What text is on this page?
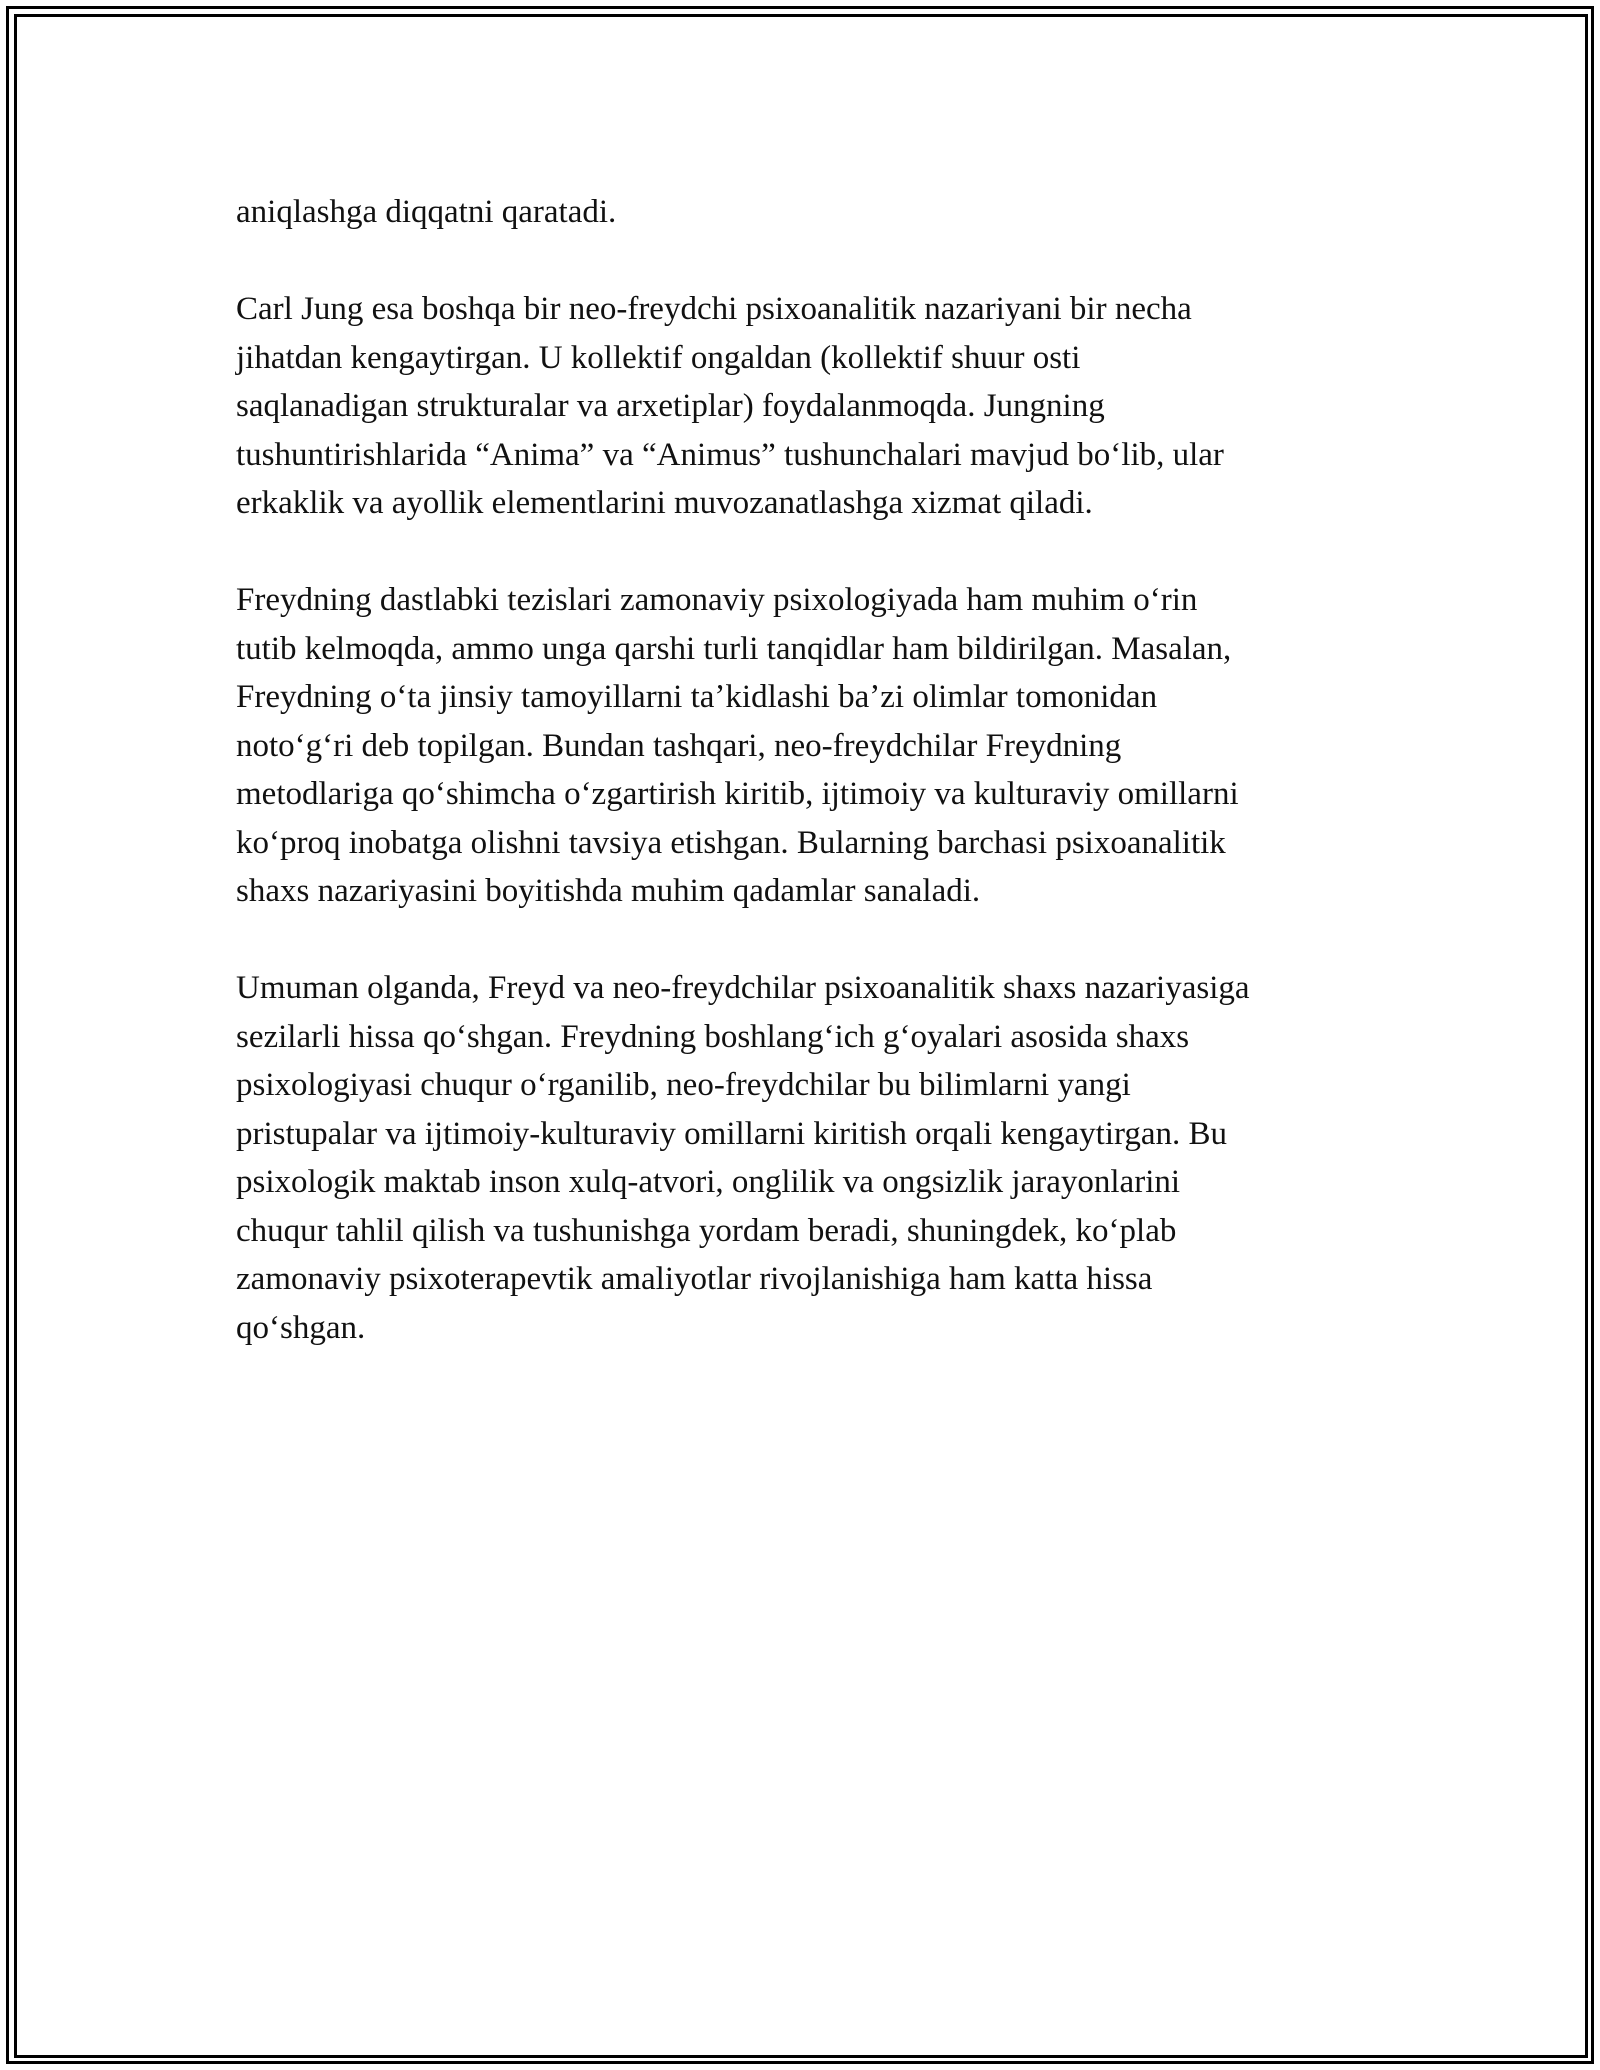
aniqlashga diqqatni qaratadi.

Carl Jung esa boshqa bir neo-freydchi psixoanalitik nazariyani bir necha
jihatdan kengaytirgan. U kollektif ongaldan (kollektif shuur osti
saqlanadigan strukturalar va arxetiplar) foydalanmoqda. Jungning
tushuntirishlarida “Anima” va “Animus” tushunchalari mavjud boʻlib, ular
erkaklik va ayollik elementlarini muvozanatlashga xizmat qiladi.

Freydning dastlabki tezislari zamonaviy psixologiyada ham muhim oʻrin
tutib kelmoqda, ammo unga qarshi turli tanqidlar ham bildirilgan. Masalan,
Freydning oʻta jinsiy tamoyillarni taʼkidlashi baʼzi olimlar tomonidan
notoʻgʻri deb topilgan. Bundan tashqari, neo-freydchilar Freydning
metodlariga qoʻshimcha oʻzgartirish kiritib, ijtimoiy va kulturaviy omillarni
koʻproq inobatga olishni tavsiya etishgan. Bularning barchasi psixoanalitik
shaxs nazariyasini boyitishda muhim qadamlar sanaladi.

Umuman olganda, Freyd va neo-freydchilar psixoanalitik shaxs nazariyasiga
sezilarli hissa qoʻshgan. Freydning boshlangʻich gʻoyalari asosida shaxs
psixologiyasi chuqur oʻrganilib, neo-freydchilar bu bilimlarni yangi
pristupalar va ijtimoiy-kulturaviy omillarni kiritish orqali kengaytirgan. Bu
psixologik maktab inson xulq-atvori, onglilik va ongsizlik jarayonlarini
chuqur tahlil qilish va tushunishga yordam beradi, shuningdek, koʻplab
zamonaviy psixoterapevtik amaliyotlar rivojlanishiga ham katta hissa
qoʻshgan.
